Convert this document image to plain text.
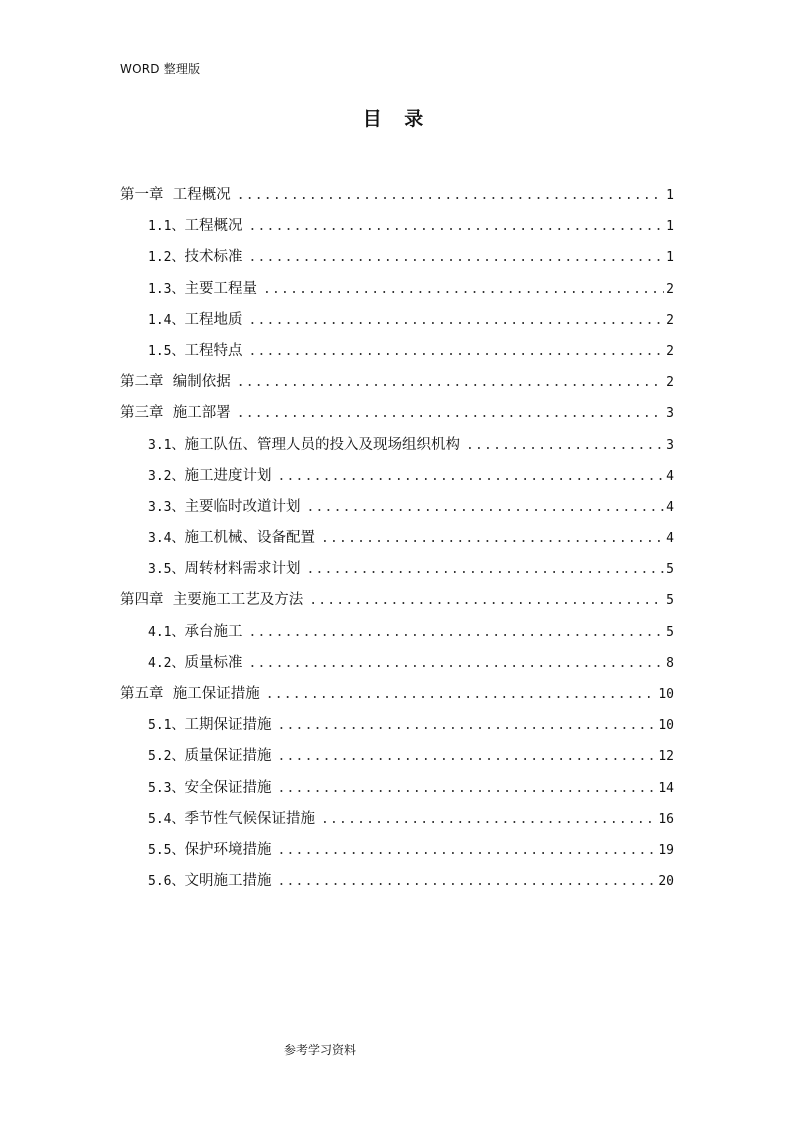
WORD 整理版
目 录
第一章  工程概况 .....	1
1.1、 工程概况 .....	1
1.2、 技术标准 .....	1
1.3、 主要工程量 .....	2
1.4、 工程地质 .....	2
1.5、 工程特点 .....	2
第二章  编制依据 .....	2
第三章  施工部署 .....	3
3.1、 施工队伍、管理人员的投入及现场组织机构 .....	3
3.2、 施工进度计划 .....	4
3.3、 主要临时改道计划 .....	4
3.4、 施工机械、设备配置 .....	4
3.5、 周转材料需求计划 .....	5
第四章  主要施工工艺及方法 .....	5
4.1、 承台施工 .....	5
4.2、 质量标准 .....	8
第五章  施工保证措施 .....	10
5.1、 工期保证措施 .....	10
5.2、 质量保证措施 .....	12
5.3、 安全保证措施 .....	14
5.4、 季节性气候保证措施 .....	16
5.5、 保护环境措施 .....	19
5.6、 文明施工措施 .....	20
参考学习资料
